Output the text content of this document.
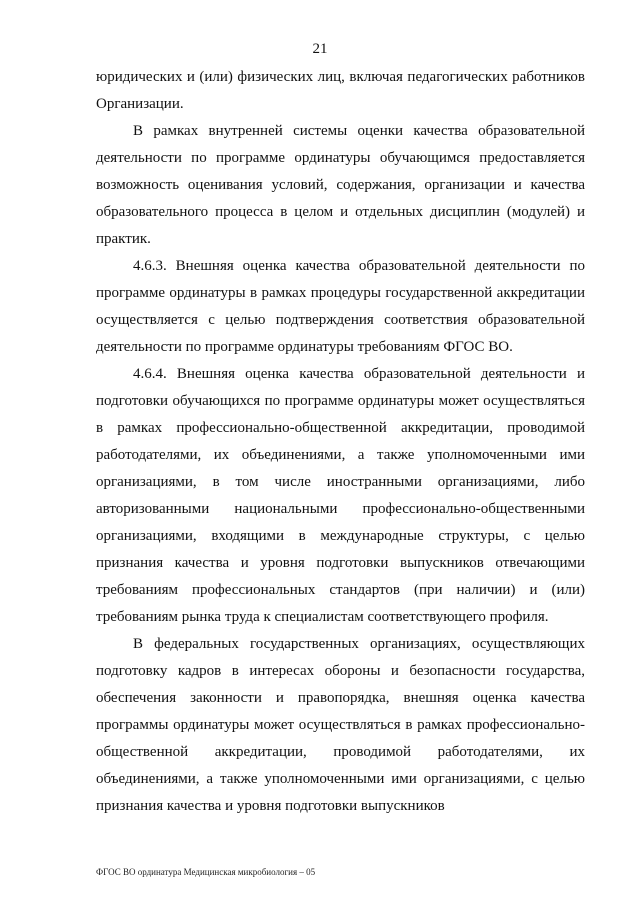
21

юридических и (или) физических лиц, включая педагогических работников Организации.

В рамках внутренней системы оценки качества образовательной деятельности по программе ординатуры обучающимся предоставляется возможность оценивания условий, содержания, организации и качества образовательного процесса в целом и отдельных дисциплин (модулей) и практик.

4.6.3. Внешняя оценка качества образовательной деятельности по программе ординатуры в рамках процедуры государственной аккредитации осуществляется с целью подтверждения соответствия образовательной деятельности по программе ординатуры требованиям ФГОС ВО.

4.6.4. Внешняя оценка качества образовательной деятельности и подготовки обучающихся по программе ординатуры может осуществляться в рамках профессионально-общественной аккредитации, проводимой работодателями, их объединениями, а также уполномоченными ими организациями, в том числе иностранными организациями, либо авторизованными национальными профессионально-общественными организациями, входящими в международные структуры, с целью признания качества и уровня подготовки выпускников отвечающими требованиям профессиональных стандартов (при наличии) и (или) требованиям рынка труда к специалистам соответствующего профиля.

В федеральных государственных организациях, осуществляющих подготовку кадров в интересах обороны и безопасности государства, обеспечения законности и правопорядка, внешняя оценка качества программы ординатуры может осуществляться в рамках профессионально-общественной аккредитации, проводимой работодателями, их объединениями, а также уполномоченными ими организациями, с целью признания качества и уровня подготовки выпускников

ФГОС ВО ординатура Медицинская микробиология – 05
